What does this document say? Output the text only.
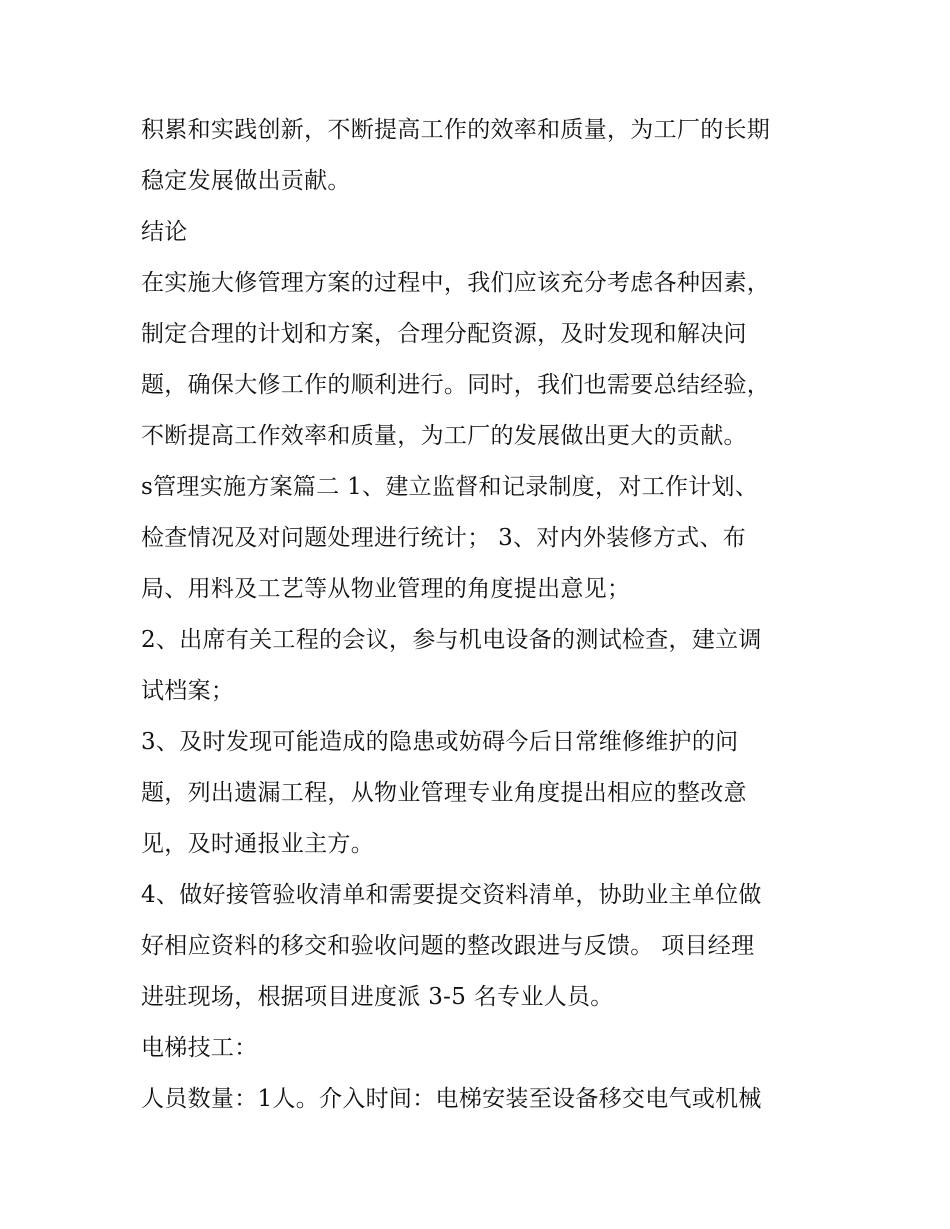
积累和实践创新，不断提高工作的效率和质量，为工厂的长期
稳定发展做出贡献。
结论
在实施大修管理方案的过程中，我们应该充分考虑各种因素，
制定合理的计划和方案，合理分配资源，及时发现和解决问
题，确保大修工作的顺利进行。同时，我们也需要总结经验，
不断提高工作效率和质量，为工厂的发展做出更大的贡献。
s管理实施方案篇二 1、建立监督和记录制度，对工作计划、
检查情况及对问题处理进行统计； 3、对内外装修方式、布
局、用料及工艺等从物业管理的角度提出意见；
2、出席有关工程的会议，参与机电设备的测试检查，建立调
试档案；
3、及时发现可能造成的隐患或妨碍今后日常维修维护的问
题，列出遗漏工程，从物业管理专业角度提出相应的整改意
见，及时通报业主方。
4、做好接管验收清单和需要提交资料清单，协助业主单位做
好相应资料的移交和验收问题的整改跟进与反馈。 项目经理
进驻现场，根据项目进度派 3-5 名专业人员。
电梯技工：
人员数量：1人。介入时间：电梯安装至设备移交电气或机械
